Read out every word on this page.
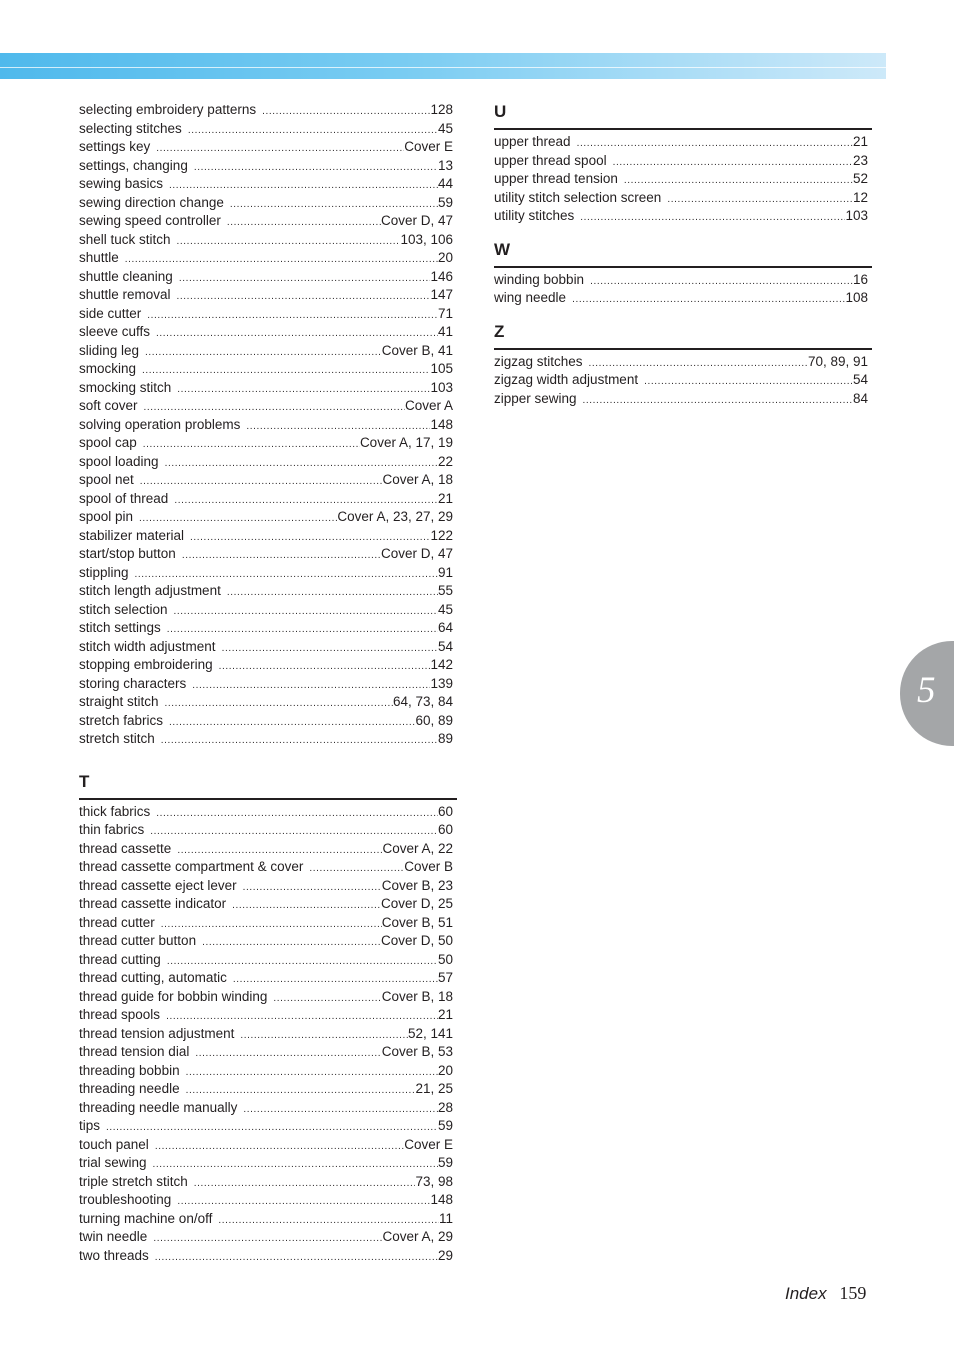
5
selecting embroidery patterns .....	128
selecting stitches .....	45
settings key .....	Cover E
settings, changing .....	13
sewing basics .....	44
sewing direction change .....	59
sewing speed controller .....	Cover D, 47
shell tuck stitch .....	103, 106
shuttle .....	20
shuttle cleaning .....	146
shuttle removal .....	147
side cutter .....	71
sleeve cuffs .....	41
sliding leg .....	Cover B, 41
smocking .....	105
smocking stitch .....	103
soft cover .....	Cover A
solving operation problems .....	148
spool cap .....	Cover A, 17, 19
spool loading .....	22
spool net .....	Cover A, 18
spool of thread .....	21
spool pin .....	Cover A, 23, 27, 29
stabilizer material .....	122
start/stop button .....	Cover D, 47
stippling .....	91
stitch length adjustment .....	55
stitch selection .....	45
stitch settings .....	64
stitch width adjustment .....	54
stopping embroidering .....	142
storing characters .....	139
straight stitch .....	64, 73, 84
stretch fabrics .....	60, 89
stretch stitch .....	89
T
thick fabrics .....	60
thin fabrics .....	60
thread cassette .....	Cover A, 22
thread cassette compartment & cover .....	Cover B
thread cassette eject lever .....	Cover B, 23
thread cassette indicator .....	Cover D, 25
thread cutter .....	Cover B, 51
thread cutter button .....	Cover D, 50
thread cutting .....	50
thread cutting, automatic .....	57
thread guide for bobbin winding .....	Cover B, 18
thread spools .....	21
thread tension adjustment .....	52, 141
thread tension dial .....	Cover B, 53
threading bobbin .....	20
threading needle .....	21, 25
threading needle manually .....	28
tips .....	59
touch panel .....	Cover E
trial sewing .....	59
triple stretch stitch .....	73, 98
troubleshooting .....	148
turning machine on/off .....	11
twin needle .....	Cover A, 29
two threads .....	29
U
upper thread .....	21
upper thread spool .....	23
upper thread tension .....	52
utility stitch selection screen .....	12
utility stitches .....	103
W
winding bobbin .....	16
wing needle .....	108
Z
zigzag stitches .....	70, 89, 91
zigzag width adjustment .....	54
zipper sewing .....	84
Index 159
